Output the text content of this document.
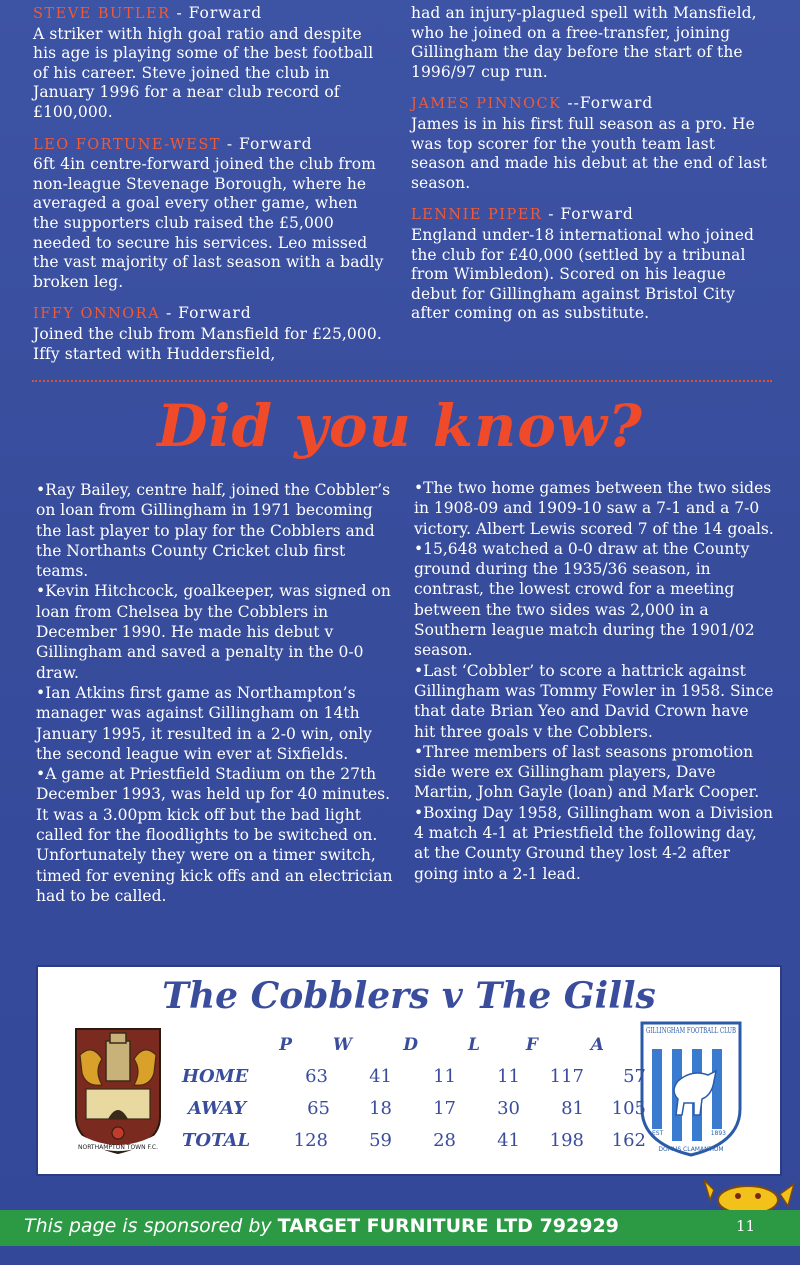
STEVE BUTLER - Forward
A striker with high goal ratio and despite his age is playing some of the best football of his career. Steve joined the club in January 1996 for a near club record of £100,000.

LEO FORTUNE-WEST - Forward
6ft 4in centre-forward joined the club from non-league Stevenage Borough, where he averaged a goal every other game, when the supporters club raised the £5,000 needed to secure his services. Leo missed the vast majority of last season with a badly broken leg.

IFFY ONNORA - Forward
Joined the club from Mansfield for £25,000. Iffy started with Huddersfield,

had an injury-plagued spell with Mansfield, who he joined on a free-transfer, joining Gillingham the day before the start of the 1996/97 cup run.

JAMES PINNOCK --Forward
James is in his first full season as a pro. He was top scorer for the youth team last season and made his debut at the end of last season.

LENNIE PIPER - Forward
England under-18 international who joined the club for £40,000 (settled by a tribunal from Wimbledon). Scored on his league debut for Gillingham against Bristol City after coming on as substitute.

Did you know?
•Ray Bailey, centre half, joined the Cobbler’s on loan from Gillingham in 1971 becoming the last player to play for the Cobblers and the Northants County Cricket club first teams.
•Kevin Hitchcock, goalkeeper, was signed on loan from Chelsea by the Cobblers in December 1990. He made his debut v Gillingham and saved a penalty in the 0-0 draw.
•Ian Atkins first game as Northampton’s manager was against Gillingham on 14th January 1995, it resulted in a 2-0 win, only the second league win ever at Sixfields.
•A game at Priestfield Stadium on the 27th December 1993, was held up for 40 minutes. It was a 3.00pm kick off but the bad light called for the floodlights to be switched on. Unfortunately they were on a timer switch, timed for evening kick offs and an electrician had to be called.
•The two home games between the two sides in 1908-09 and 1909-10 saw a 7-1 and a 7-0 victory. Albert Lewis scored 7 of the 14 goals.
•15,648 watched a 0-0 draw at the County ground during the 1935/36 season, in contrast, the lowest crowd for a meeting between the two sides was 2,000 in a Southern league match during the 1901/02 season.
•Last ‘Cobbler’ to score a hattrick against Gillingham was Tommy Fowler in 1958. Since that date Brian Yeo and David Crown have hit three goals v the Cobblers.
•Three members of last seasons promotion side were ex Gillingham players, Dave Martin, John Gayle (loan) and Mark Cooper.
•Boxing Day 1958, Gillingham won a Division 4 match 4-1 at Priestfield the following day, at the County Ground they lost 4-2 after going into a 2-1 lead.
The Cobblers v The Gills
NORTHAMPTON TOWN F.C.
GILLINGHAM FOOTBALL CLUB
EST	1893
DOMUS CLAMANTIUM
P	W	D	L	F	A
HOME	63	41	11	11	117	57
AWAY	65	18	17	30	81	105
TOTAL	128	59	28	41	198	162
This page is sponsored by TARGET FURNITURE LTD 792929	11
